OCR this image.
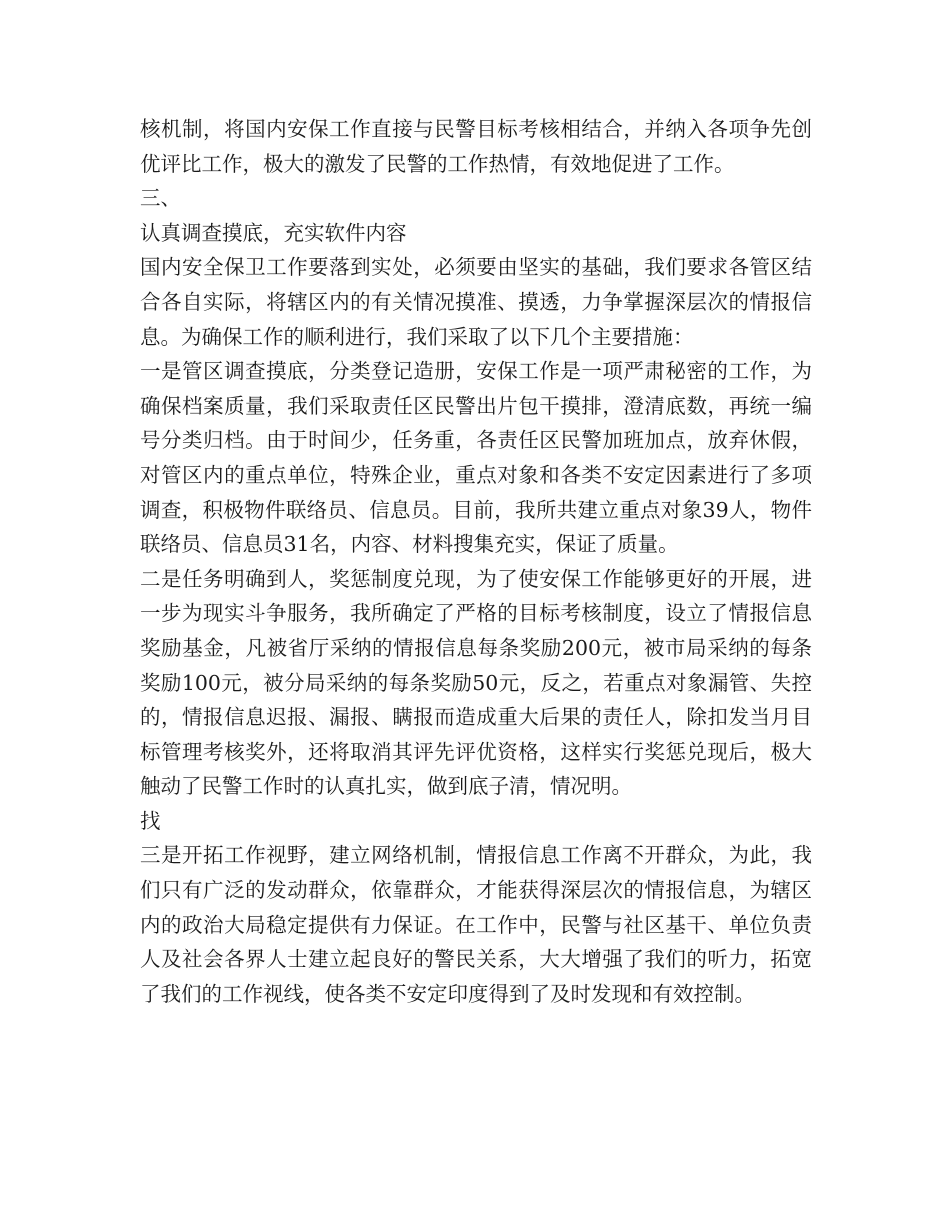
核机制，将国内安保工作直接与民警目标考核相结合，并纳入各项争先创优评比工作，极大的激发了民警的工作热情，有效地促进了工作。

三、

认真调查摸底，充实软件内容

国内安全保卫工作要落到实处，必须要由坚实的基础，我们要求各管区结合各自实际，将辖区内的有关情况摸准、摸透，力争掌握深层次的情报信息。为确保工作的顺利进行，我们采取了以下几个主要措施：

一是管区调查摸底，分类登记造册，安保工作是一项严肃秘密的工作，为确保档案质量，我们采取责任区民警出片包干摸排，澄清底数，再统一编号分类归档。由于时间少，任务重，各责任区民警加班加点，放弃休假，对管区内的重点单位，特殊企业，重点对象和各类不安定因素进行了多项调查，积极物件联络员、信息员。目前，我所共建立重点对象39人，物件联络员、信息员31名，内容、材料搜集充实，保证了质量。

二是任务明确到人，奖惩制度兑现，为了使安保工作能够更好的开展，进一步为现实斗争服务，我所确定了严格的目标考核制度，设立了情报信息奖励基金，凡被省厅采纳的情报信息每条奖励200元，被市局采纳的每条奖励100元，被分局采纳的每条奖励50元，反之，若重点对象漏管、失控的，情报信息迟报、漏报、瞒报而造成重大后果的责任人，除扣发当月目标管理考核奖外，还将取消其评先评优资格，这样实行奖惩兑现后，极大触动了民警工作时的认真扎实，做到底子清，情况明。

找

三是开拓工作视野，建立网络机制，情报信息工作离不开群众，为此，我们只有广泛的发动群众，依靠群众，才能获得深层次的情报信息，为辖区内的政治大局稳定提供有力保证。在工作中，民警与社区基干、单位负责人及社会各界人士建立起良好的警民关系，大大增强了我们的听力，拓宽了我们的工作视线，使各类不安定印度得到了及时发现和有效控制。
